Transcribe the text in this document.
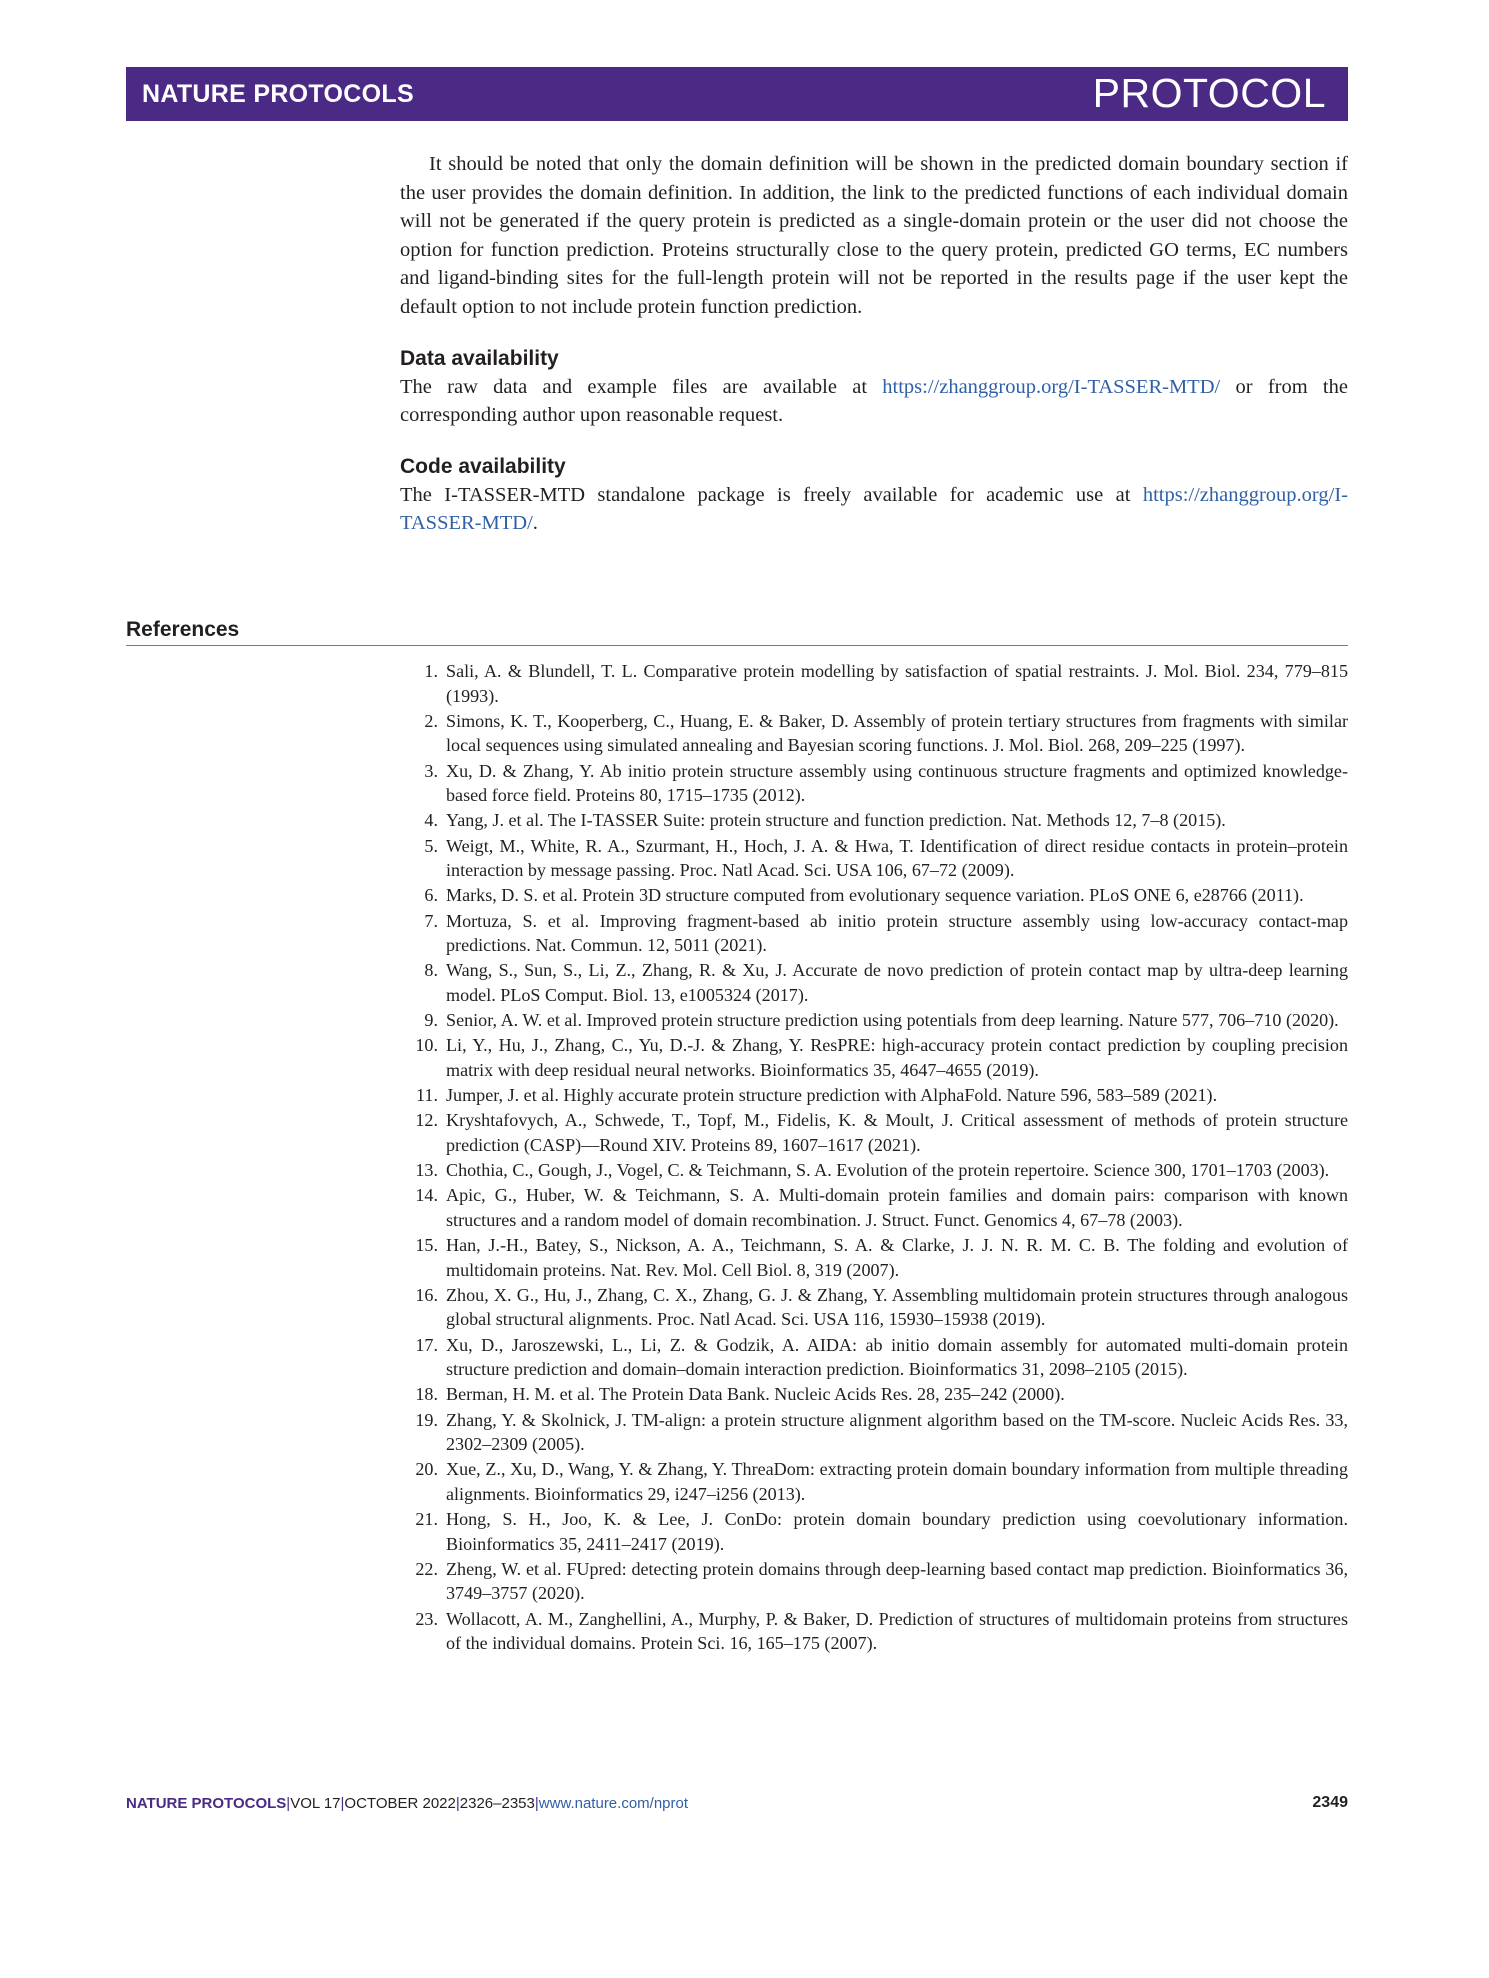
NATURE PROTOCOLS	PROTOCOL

It should be noted that only the domain definition will be shown in the predicted domain boundary section if the user provides the domain definition. In addition, the link to the predicted functions of each individual domain will not be generated if the query protein is predicted as a single-domain protein or the user did not choose the option for function prediction. Proteins structurally close to the query protein, predicted GO terms, EC numbers and ligand-binding sites for the full-length protein will not be reported in the results page if the user kept the default option to not include protein function prediction.

Data availability

The raw data and example files are available at https://zhanggroup.org/I-TASSER-MTD/ or from the corresponding author upon reasonable request.

Code availability

The I-TASSER-MTD standalone package is freely available for academic use at https://zhanggroup.org/I-TASSER-MTD/.

References
1. Sali, A. & Blundell, T. L. Comparative protein modelling by satisfaction of spatial restraints. J. Mol. Biol. 234, 779–815 (1993).
2. Simons, K. T., Kooperberg, C., Huang, E. & Baker, D. Assembly of protein tertiary structures from fragments with similar local sequences using simulated annealing and Bayesian scoring functions. J. Mol. Biol. 268, 209–225 (1997).
3. Xu, D. & Zhang, Y. Ab initio protein structure assembly using continuous structure fragments and optimized knowledge-based force field. Proteins 80, 1715–1735 (2012).
4. Yang, J. et al. The I-TASSER Suite: protein structure and function prediction. Nat. Methods 12, 7–8 (2015).
5. Weigt, M., White, R. A., Szurmant, H., Hoch, J. A. & Hwa, T. Identification of direct residue contacts in protein–protein interaction by message passing. Proc. Natl Acad. Sci. USA 106, 67–72 (2009).
6. Marks, D. S. et al. Protein 3D structure computed from evolutionary sequence variation. PLoS ONE 6, e28766 (2011).
7. Mortuza, S. et al. Improving fragment-based ab initio protein structure assembly using low-accuracy contact-map predictions. Nat. Commun. 12, 5011 (2021).
8. Wang, S., Sun, S., Li, Z., Zhang, R. & Xu, J. Accurate de novo prediction of protein contact map by ultra-deep learning model. PLoS Comput. Biol. 13, e1005324 (2017).
9. Senior, A. W. et al. Improved protein structure prediction using potentials from deep learning. Nature 577, 706–710 (2020).
10. Li, Y., Hu, J., Zhang, C., Yu, D.-J. & Zhang, Y. ResPRE: high-accuracy protein contact prediction by coupling precision matrix with deep residual neural networks. Bioinformatics 35, 4647–4655 (2019).
11. Jumper, J. et al. Highly accurate protein structure prediction with AlphaFold. Nature 596, 583–589 (2021).
12. Kryshtafovych, A., Schwede, T., Topf, M., Fidelis, K. & Moult, J. Critical assessment of methods of protein structure prediction (CASP)—Round XIV. Proteins 89, 1607–1617 (2021).
13. Chothia, C., Gough, J., Vogel, C. & Teichmann, S. A. Evolution of the protein repertoire. Science 300, 1701–1703 (2003).
14. Apic, G., Huber, W. & Teichmann, S. A. Multi-domain protein families and domain pairs: comparison with known structures and a random model of domain recombination. J. Struct. Funct. Genomics 4, 67–78 (2003).
15. Han, J.-H., Batey, S., Nickson, A. A., Teichmann, S. A. & Clarke, J. J. N. R. M. C. B. The folding and evolution of multidomain proteins. Nat. Rev. Mol. Cell Biol. 8, 319 (2007).
16. Zhou, X. G., Hu, J., Zhang, C. X., Zhang, G. J. & Zhang, Y. Assembling multidomain protein structures through analogous global structural alignments. Proc. Natl Acad. Sci. USA 116, 15930–15938 (2019).
17. Xu, D., Jaroszewski, L., Li, Z. & Godzik, A. AIDA: ab initio domain assembly for automated multi-domain protein structure prediction and domain–domain interaction prediction. Bioinformatics 31, 2098–2105 (2015).
18. Berman, H. M. et al. The Protein Data Bank. Nucleic Acids Res. 28, 235–242 (2000).
19. Zhang, Y. & Skolnick, J. TM-align: a protein structure alignment algorithm based on the TM-score. Nucleic Acids Res. 33, 2302–2309 (2005).
20. Xue, Z., Xu, D., Wang, Y. & Zhang, Y. ThreaDom: extracting protein domain boundary information from multiple threading alignments. Bioinformatics 29, i247–i256 (2013).
21. Hong, S. H., Joo, K. & Lee, J. ConDo: protein domain boundary prediction using coevolutionary information. Bioinformatics 35, 2411–2417 (2019).
22. Zheng, W. et al. FUpred: detecting protein domains through deep-learning based contact map prediction. Bioinformatics 36, 3749–3757 (2020).
23. Wollacott, A. M., Zanghellini, A., Murphy, P. & Baker, D. Prediction of structures of multidomain proteins from structures of the individual domains. Protein Sci. 16, 165–175 (2007).
NATURE PROTOCOLS|VOL 17|OCTOBER 2022|2326–2353|www.nature.com/nprot	2349
